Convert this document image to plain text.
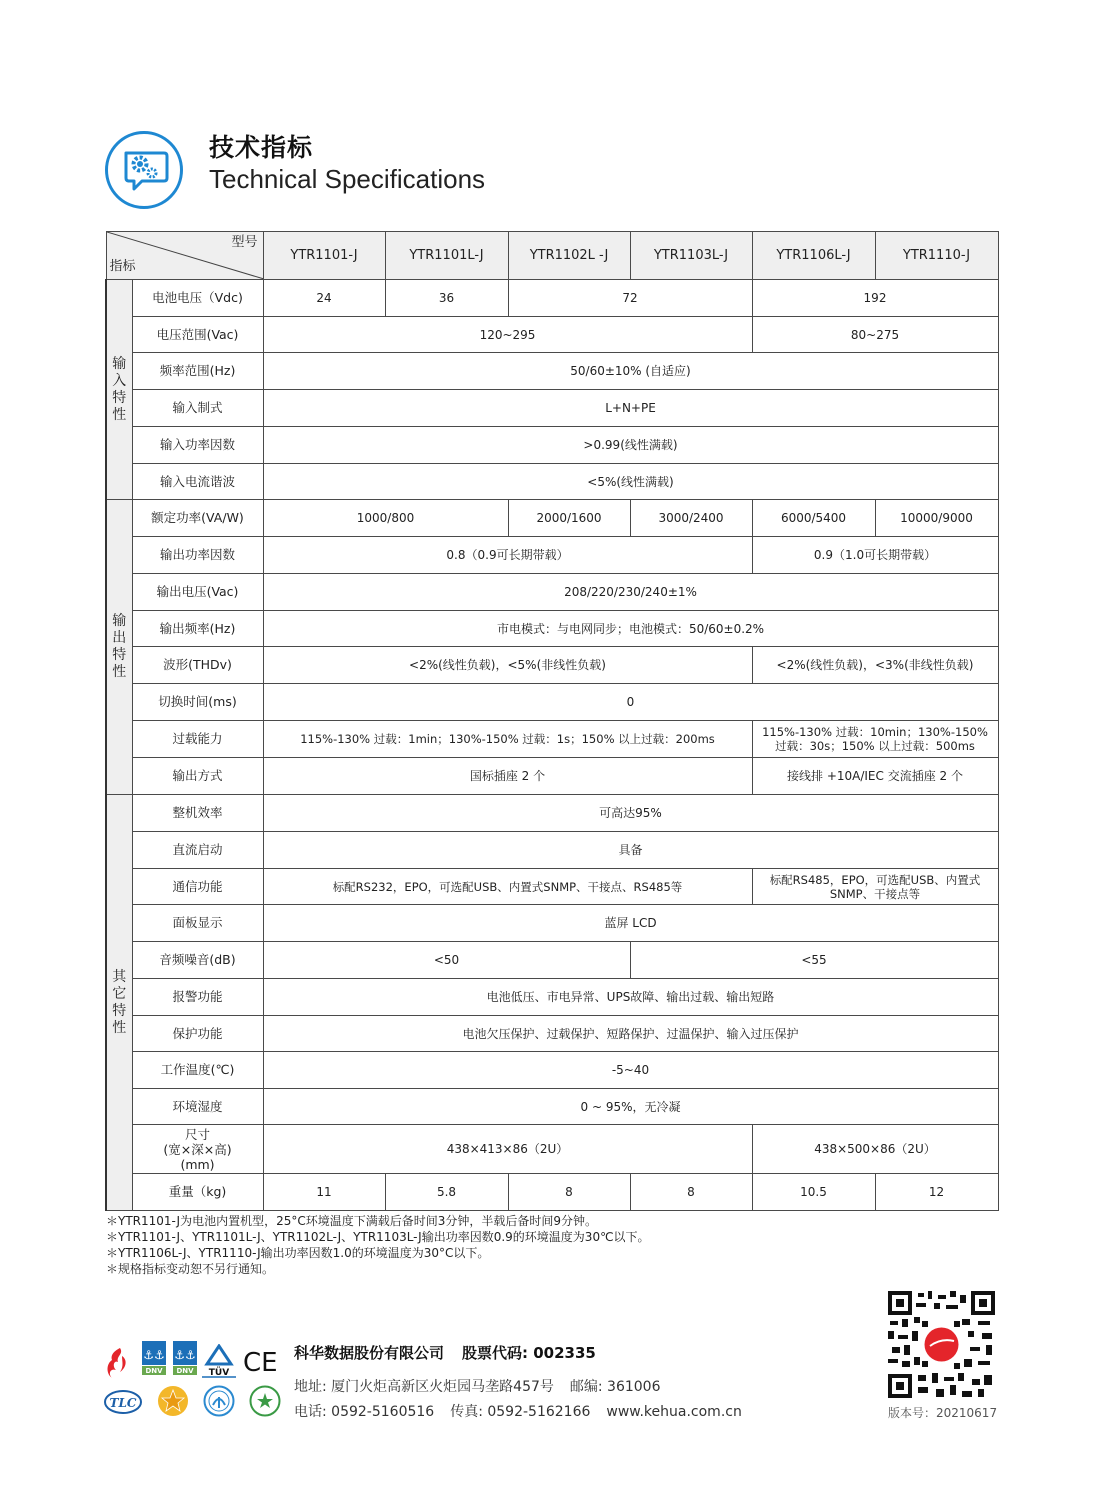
技术指标
Technical Specifications
型号
指标		YTR1101-J	YTR1101L-J	YTR1102L -J	YTR1103L-J	YTR1106L-J	YTR1110-J

输入特性	电池电压（Vdc)	24	36	72		192	
	电压范围(Vac)	120~295				80~275	
	频率范围(Hz)	50/60±10% (自适应)					
	输入制式	L+N+PE					
	输入功率因数	>0.99(线性满载)					
	输入电流谐波	<5%(线性满载)					

输出特性	额定功率(VA/W)	1000/800		2000/1600	3000/2400	6000/5400	10000/9000
	输出功率因数	0.8（0.9可长期带载）				0.9（1.0可长期带载）	
	输出电压(Vac)	208/220/230/240±1%					
	输出频率(Hz)	市电模式：与电网同步；电池模式：50/60±0.2%					
	波形(THDv)	<2%(线性负载)，<5%(非线性负载)				<2%(线性负载)，<3%(非线性负载)	
	切换时间(ms)	0					
	过载能力	115%-130% 过载：1min；130%-150% 过载：1s；150% 以上过载：200ms				115%-130% 过载：10min；130%-150% 过载：30s；150% 以上过载：500ms	
	输出方式	国标插座 2 个				接线排 +10A/IEC 交流插座 2 个	

其它特性	整机效率	可高达95%					
	直流启动	具备					
	通信功能	标配RS232，EPO，可选配USB、内置式SNMP、干接点、RS485等				标配RS485，EPO，可选配USB、内置式SNMP、干接点等	
	面板显示	蓝屏 LCD					
	音频噪音(dB)	<50			<55		
	报警功能	电池低压、市电异常、UPS故障、输出过载、输出短路					
	保护功能	电池欠压保护、过载保护、短路保护、过温保护、输入过压保护					
	工作温度(℃)	-5~40					
	环境湿度	0 ~ 95%，无冷凝					

	尺寸
(宽×深×高)
(mm)	438×413×86（2U）				438×500×86（2U）	
	重量（kg)	11	5.8	8	8	10.5	12
＊YTR1101-J为电池内置机型，25°C环境温度下满载后备时间3分钟，半载后备时间9分钟。
＊YTR1101-J、YTR1101L-J、YTR1102L-J、YTR1103L-J输出功率因数0.9的环境温度为30℃以下。
＊YTR1106L-J、YTR1110-J输出功率因数1.0的环境温度为30°C以下。
＊规格指标变动恕不另行通知。
⚓⚓
DNV
⚓⚓
DNV TÜV CE
TLC
科华数据股份有限公司 股票代码: 002335
地址: 厦门火炬高新区火炬园马垄路457号 邮编: 361006
电话: 0592-5160516 传真: 0592-5162166 www.kehua.com.cn	版本号：20210617
